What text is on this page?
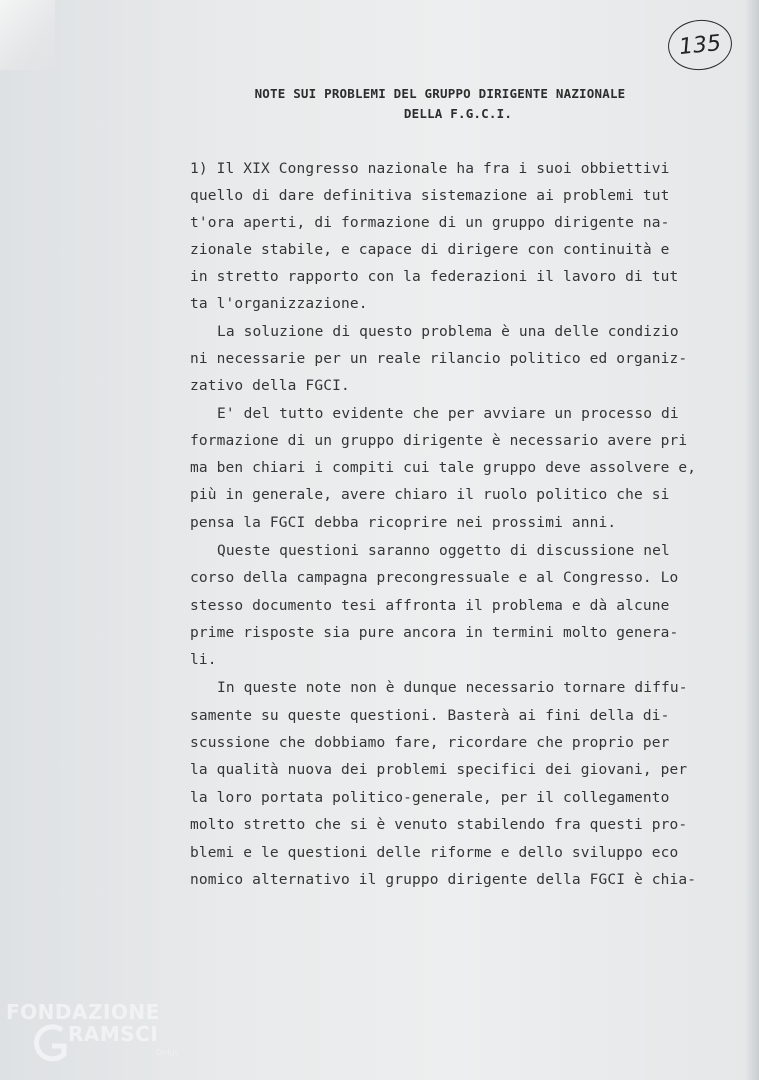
135

NOTE SUI PROBLEMI DEL GRUPPO DIRIGENTE NAZIONALE

DELLA F.G.C.I.

1) Il XIX Congresso nazionale ha fra i suoi obbiettivi

quello di dare definitiva sistemazione ai problemi tut

t'ora aperti, di formazione di un gruppo dirigente na-

zionale stabile, e capace di dirigere con continuità e

in stretto rapporto con la federazioni il lavoro di tut

ta l'organizzazione.

La soluzione di questo problema è una delle condizio

ni necessarie per un reale rilancio politico ed organiz-

zativo della FGCI.

E' del tutto evidente che per avviare un processo di

formazione di un gruppo dirigente è necessario avere pri

ma ben chiari i compiti cui tale gruppo deve assolvere e,

più in generale, avere chiaro il ruolo politico che si

pensa la FGCI debba ricoprire nei prossimi anni.

Queste questioni saranno oggetto di discussione nel

corso della campagna precongressuale e al Congresso. Lo

stesso documento tesi affronta il problema e dà alcune

prime risposte sia pure ancora in termini molto genera-

li.

In queste note non è dunque necessario tornare diffu-

samente su queste questioni. Basterà ai fini della di-

scussione che dobbiamo fare, ricordare che proprio per

la qualità nuova dei problemi specifici dei giovani, per

la loro portata politico-generale, per il collegamento

molto stretto che si è venuto stabilendo fra questi pro-

blemi e le questioni delle riforme e dello sviluppo eco

nomico alternativo il gruppo dirigente della FGCI è chia-

FONDAZIONE
RAMSCI
Onlus
